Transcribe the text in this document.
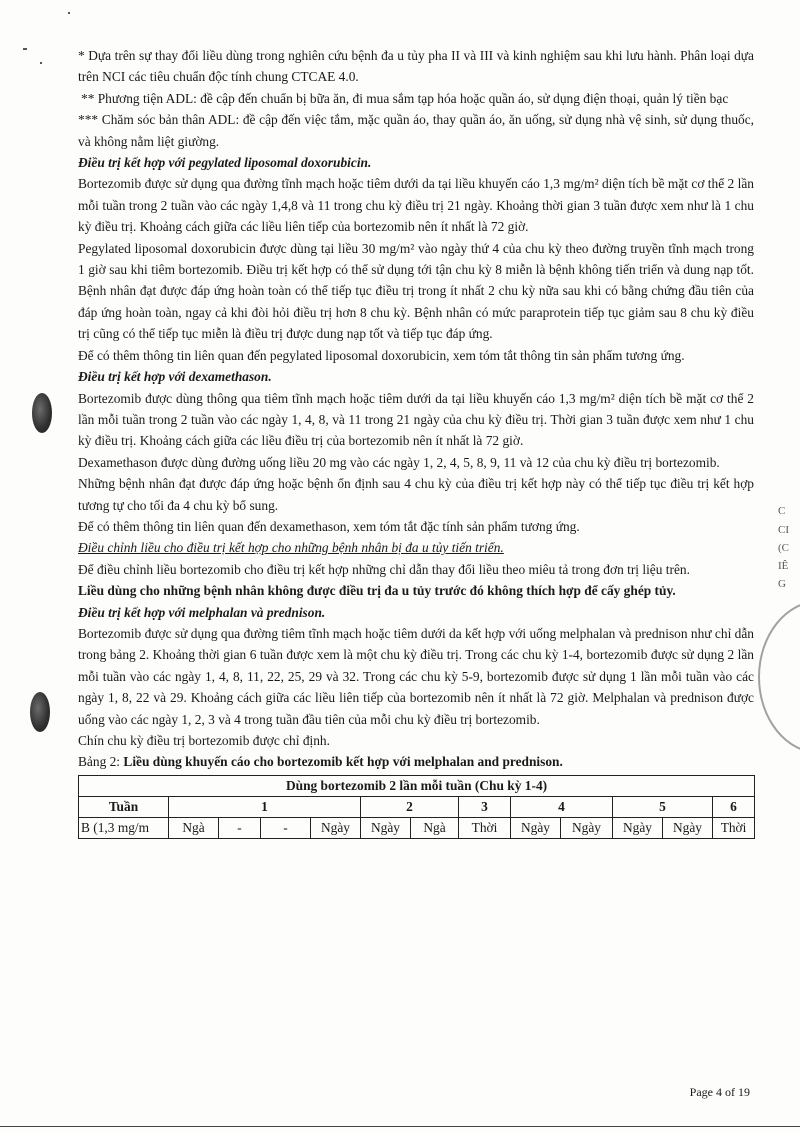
C
CI
(C
IÊ
G

* Dựa trên sự thay đổi liều dùng trong nghiên cứu bệnh đa u tủy pha II và III và kinh nghiệm sau khi lưu hành. Phân loại dựa trên NCI các tiêu chuẩn độc tính chung CTCAE 4.0.

** Phương tiện ADL: đề cập đến chuẩn bị bữa ăn, đi mua sắm tạp hóa hoặc quần áo, sử dụng điện thoại, quản lý tiền bạc

*** Chăm sóc bản thân ADL: đề cập đến việc tắm, mặc quần áo, thay quần áo, ăn uống, sử dụng nhà vệ sinh, sử dụng thuốc, và không nằm liệt giường.

Điều trị kết hợp với pegylated liposomal doxorubicin.

Bortezomib được sử dụng qua đường tĩnh mạch hoặc tiêm dưới da tại liều khuyến cáo 1,3 mg/m² diện tích bề mặt cơ thể 2 lần mỗi tuần trong 2 tuần vào các ngày 1,4,8 và 11 trong chu kỳ điều trị 21 ngày. Khoảng thời gian 3 tuần được xem như là 1 chu kỳ điều trị. Khoảng cách giữa các liều liên tiếp của bortezomib nên ít nhất là 72 giờ.

Pegylated liposomal doxorubicin được dùng tại liều 30 mg/m² vào ngày thứ 4 của chu kỳ theo đường truyền tĩnh mạch trong 1 giờ sau khi tiêm bortezomib. Điều trị kết hợp có thể sử dụng tới tận chu kỳ 8 miễn là bệnh không tiến triển và dung nạp tốt. Bệnh nhân đạt được đáp ứng hoàn toàn có thể tiếp tục điều trị trong ít nhất 2 chu kỳ nữa sau khi có bằng chứng đầu tiên của đáp ứng hoàn toàn, ngay cả khi đòi hỏi điều trị hơn 8 chu kỳ. Bệnh nhân có mức paraprotein tiếp tục giảm sau 8 chu kỳ điều trị cũng có thể tiếp tục miễn là điều trị được dung nạp tốt và tiếp tục đáp ứng.

Để có thêm thông tin liên quan đến pegylated liposomal doxorubicin, xem tóm tắt thông tin sản phẩm tương ứng.

Điều trị kết hợp với dexamethason.

Bortezomib được dùng thông qua tiêm tĩnh mạch hoặc tiêm dưới da tại liều khuyến cáo 1,3 mg/m² diện tích bề mặt cơ thể 2 lần mỗi tuần trong 2 tuần vào các ngày 1, 4, 8, và 11 trong 21 ngày của chu kỳ điều trị. Thời gian 3 tuần được xem như 1 chu kỳ điều trị. Khoảng cách giữa các liều điều trị của bortezomib nên ít nhất là 72 giờ.

Dexamethason được dùng đường uống liều 20 mg vào các ngày 1, 2, 4, 5, 8, 9, 11 và 12 của chu kỳ điều trị bortezomib.

Những bệnh nhân đạt được đáp ứng hoặc bệnh ổn định sau 4 chu kỳ của điều trị kết hợp này có thể tiếp tục điều trị kết hợp tương tự cho tối đa 4 chu kỳ bổ sung.

Để có thêm thông tin liên quan đến dexamethason, xem tóm tắt đặc tính sản phẩm tương ứng.

Điều chỉnh liều cho điều trị kết hợp cho những bệnh nhân bị đa u tủy tiến triển.

Để điều chỉnh liều bortezomib cho điều trị kết hợp những chỉ dẫn thay đổi liều theo miêu tả trong đơn trị liệu trên.

Liều dùng cho những bệnh nhân không được điều trị đa u tủy trước đó không thích hợp để cấy ghép tủy.

Điều trị kết hợp với melphalan và prednison.

Bortezomib được sử dụng qua đường tiêm tĩnh mạch hoặc tiêm dưới da kết hợp với uống melphalan và prednison như chỉ dẫn trong bảng 2. Khoảng thời gian 6 tuần được xem là một chu kỳ điều trị. Trong các chu kỳ 1-4, bortezomib được sử dụng 2 lần mỗi tuần vào các ngày 1, 4, 8, 11, 22, 25, 29 và 32. Trong các chu kỳ 5-9, bortezomib được sử dụng 1 lần mỗi tuần vào các ngày 1, 8, 22 và 29. Khoảng cách giữa các liều liên tiếp của bortezomib nên ít nhất là 72 giờ. Melphalan và prednison được uống vào các ngày 1, 2, 3 và 4 trong tuần đầu tiên của mỗi chu kỳ điều trị bortezomib.

Chín chu kỳ điều trị bortezomib được chỉ định.

Bảng 2: Liều dùng khuyến cáo cho bortezomib kết hợp với melphalan and prednison.

Dùng bortezomib 2 lần mỗi tuần (Chu kỳ 1-4)												
Tuần	1				2		3	4		5		6
B (1,3 mg/m	Ngà	-	-	Ngày	Ngày	Ngà	Thời	Ngày	Ngày	Ngày	Ngày	Thời
Page 4 of 19
